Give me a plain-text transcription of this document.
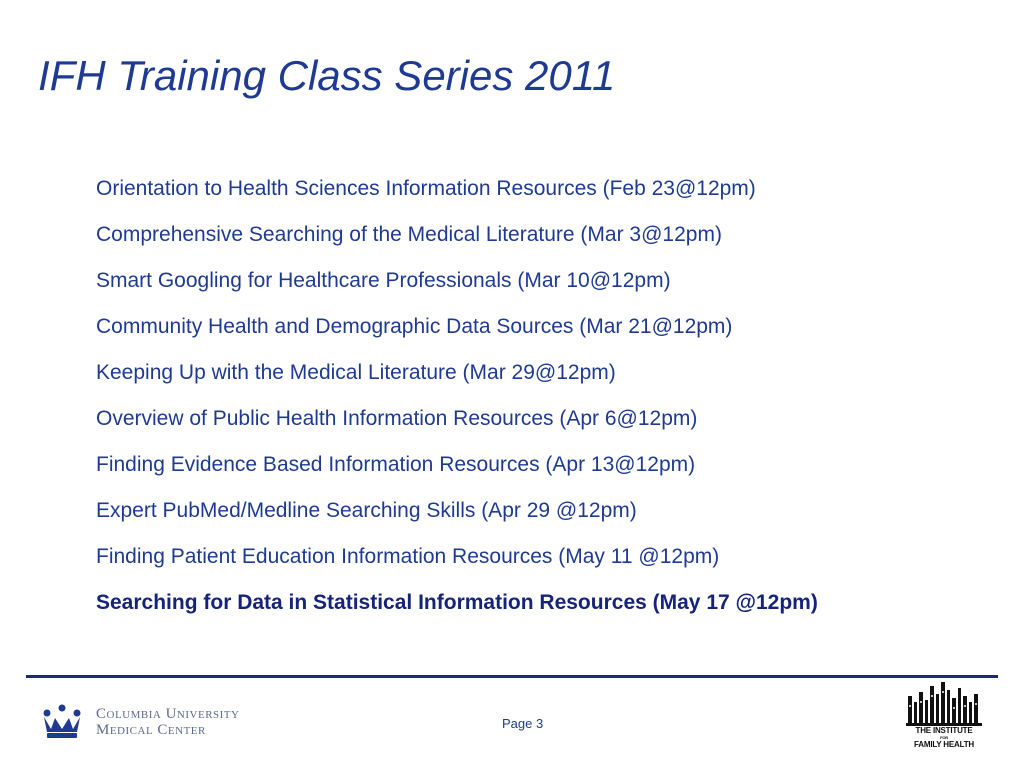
IFH Training Class Series 2011
Orientation to Health Sciences Information Resources (Feb 23@12pm)
Comprehensive Searching of the Medical Literature (Mar 3@12pm)
Smart Googling for Healthcare Professionals (Mar 10@12pm)
Community Health and Demographic Data Sources (Mar 21@12pm)
Keeping Up with the Medical Literature (Mar 29@12pm)
Overview of Public Health Information Resources (Apr 6@12pm)
Finding Evidence Based Information Resources (Apr 13@12pm)
Expert PubMed/Medline Searching Skills (Apr 29 @12pm)
Finding Patient Education Information Resources (May 11 @12pm)
Searching for Data in Statistical Information Resources (May 17 @12pm)
Columbia University
Medical Center	Page 3	THE INSTITUTE
FOR
FAMILY HEALTH
